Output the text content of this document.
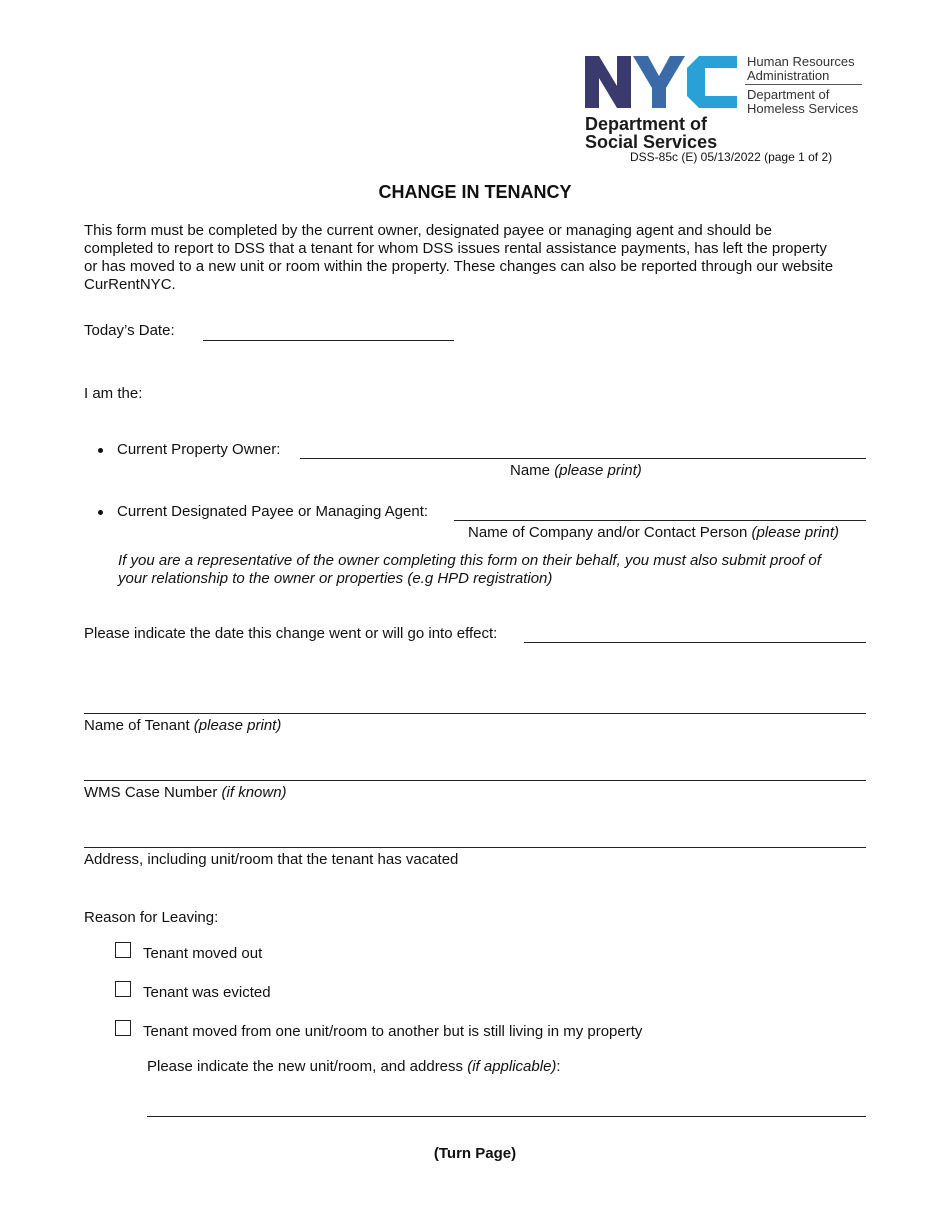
Human Resources
Administration
Department of
Homeless Services
Department of
Social Services
DSS-85c (E) 05/13/2022 (page 1 of 2)
CHANGE IN TENANCY
This form must be completed by the current owner, designated payee or managing agent and should be
completed to report to DSS that a tenant for whom DSS issues rental assistance payments, has left the property
or has moved to a new unit or room within the property. These changes can also be reported through our website
CurRentNYC.
Today’s Date:
I am the:
Current Property Owner:
Name (please print)
Current Designated Payee or Managing Agent:
Name of Company and/or Contact Person (please print)
If you are a representative of the owner completing this form on their behalf, you must also submit proof of
your relationship to the owner or properties (e.g HPD registration)
Please indicate the date this change went or will go into effect:
Name of Tenant (please print)
WMS Case Number (if known)
Address, including unit/room that the tenant has vacated
Reason for Leaving:
Tenant moved out
Tenant was evicted
Tenant moved from one unit/room to another but is still living in my property
Please indicate the new unit/room, and address (if applicable):
(Turn Page)
